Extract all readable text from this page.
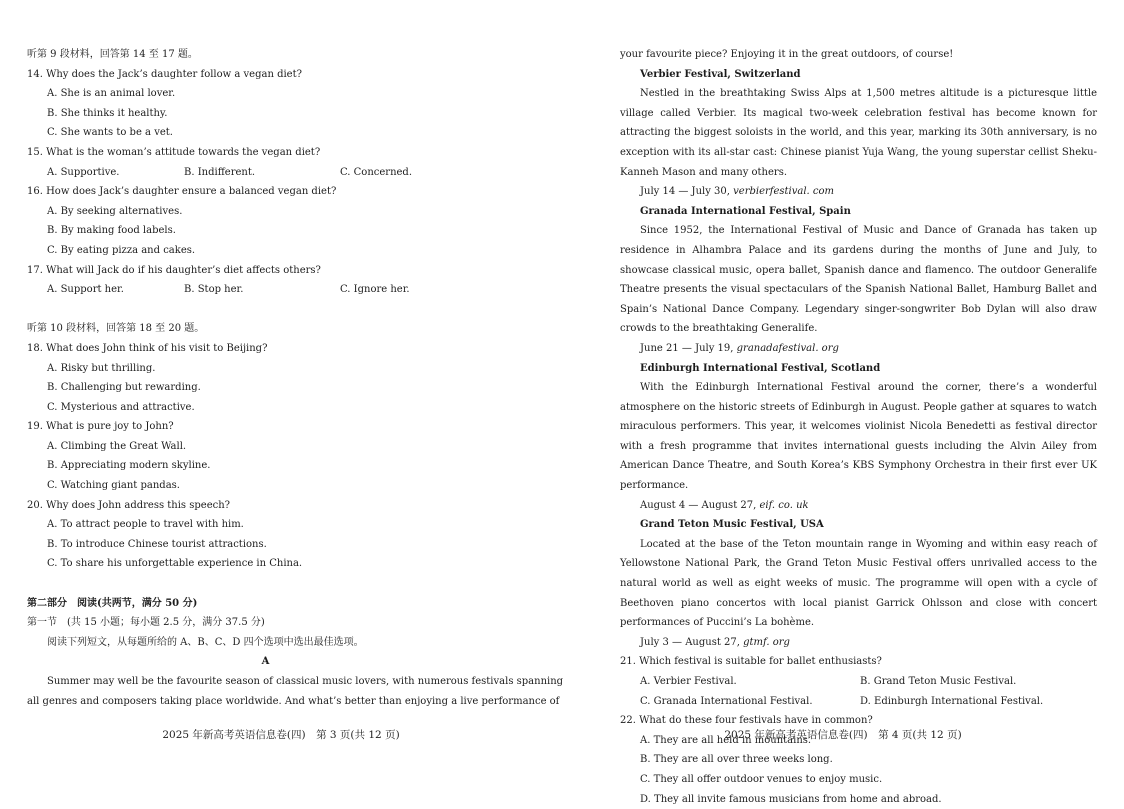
听第 9 段材料，回答第 14 至 17 题。
14. Why does the Jack’s daughter follow a vegan diet?
A. She is an animal lover.
B. She thinks it healthy.
C. She wants to be a vet.
15. What is the woman’s attitude towards the vegan diet?
A. Supportive.	B. Indifferent.	C. Concerned.
16. How does Jack’s daughter ensure a balanced vegan diet?
A. By seeking alternatives.
B. By making food labels.
C. By eating pizza and cakes.
17. What will Jack do if his daughter’s diet affects others?
A. Support her.	B. Stop her.	C. Ignore her.
听第 10 段材料，回答第 18 至 20 题。
18. What does John think of his visit to Beijing?
A. Risky but thrilling.
B. Challenging but rewarding.
C. Mysterious and attractive.
19. What is pure joy to John?
A. Climbing the Great Wall.
B. Appreciating modern skyline.
C. Watching giant pandas.
20. Why does John address this speech?
A. To attract people to travel with him.
B. To introduce Chinese tourist attractions.
C. To share his unforgettable experience in China.
第二部分　阅读(共两节，满分 50 分)
第一节　(共 15 小题；每小题 2.5 分，满分 37.5 分)
阅读下列短文，从每题所给的 A、B、C、D 四个选项中选出最佳选项。
A
Summer may well be the favourite season of classical music lovers, with numerous festivals spanning
all genres and composers taking place worldwide. And what’s better than enjoying a live performance of
2025 年新高考英语信息卷(四)　第 3 页(共 12 页)
your favourite piece? Enjoying it in the great outdoors, of course!
Verbier Festival, Switzerland

Nestled in the breathtaking Swiss Alps at 1,500 metres altitude is a picturesque little village called Verbier. Its magical two-week celebration festival has become known for attracting the biggest soloists in the world, and this year, marking its 30th anniversary, is no exception with its all-star cast: Chinese pianist Yuja Wang, the young superstar cellist Sheku-Kanneh Mason and many others.

July 14 — July 30, verbierfestival. com
Granada International Festival, Spain

Since 1952, the International Festival of Music and Dance of Granada has taken up residence in Alhambra Palace and its gardens during the months of June and July, to showcase classical music, opera ballet, Spanish dance and flamenco. The outdoor Generalife Theatre presents the visual spectaculars of the Spanish National Ballet, Hamburg Ballet and Spain’s National Dance Company. Legendary singer-songwriter Bob Dylan will also draw crowds to the breathtaking Generalife.

June 21 — July 19, granadafestival. org
Edinburgh International Festival, Scotland

With the Edinburgh International Festival around the corner, there’s a wonderful atmosphere on the historic streets of Edinburgh in August. People gather at squares to watch miraculous performers. This year, it welcomes violinist Nicola Benedetti as festival director with a fresh programme that invites international guests including the Alvin Ailey from American Dance Theatre, and South Korea’s KBS Symphony Orchestra in their first ever UK performance.

August 4 — August 27, eif. co. uk
Grand Teton Music Festival, USA

Located at the base of the Teton mountain range in Wyoming and within easy reach of Yellowstone National Park, the Grand Teton Music Festival offers unrivalled access to the natural world as well as eight weeks of music. The programme will open with a cycle of Beethoven piano concertos with local pianist Garrick Ohlsson and close with concert performances of Puccini’s La bohème.

July 3 — August 27, gtmf. org
21. Which festival is suitable for ballet enthusiasts?
A. Verbier Festival.	B. Grand Teton Music Festival.
C. Granada International Festival.	D. Edinburgh International Festival.
22. What do these four festivals have in common?
A. They are all held in mountains.
B. They are all over three weeks long.
C. They all offer outdoor venues to enjoy music.
D. They all invite famous musicians from home and abroad.
2025 年新高考英语信息卷(四)　第 4 页(共 12 页)
